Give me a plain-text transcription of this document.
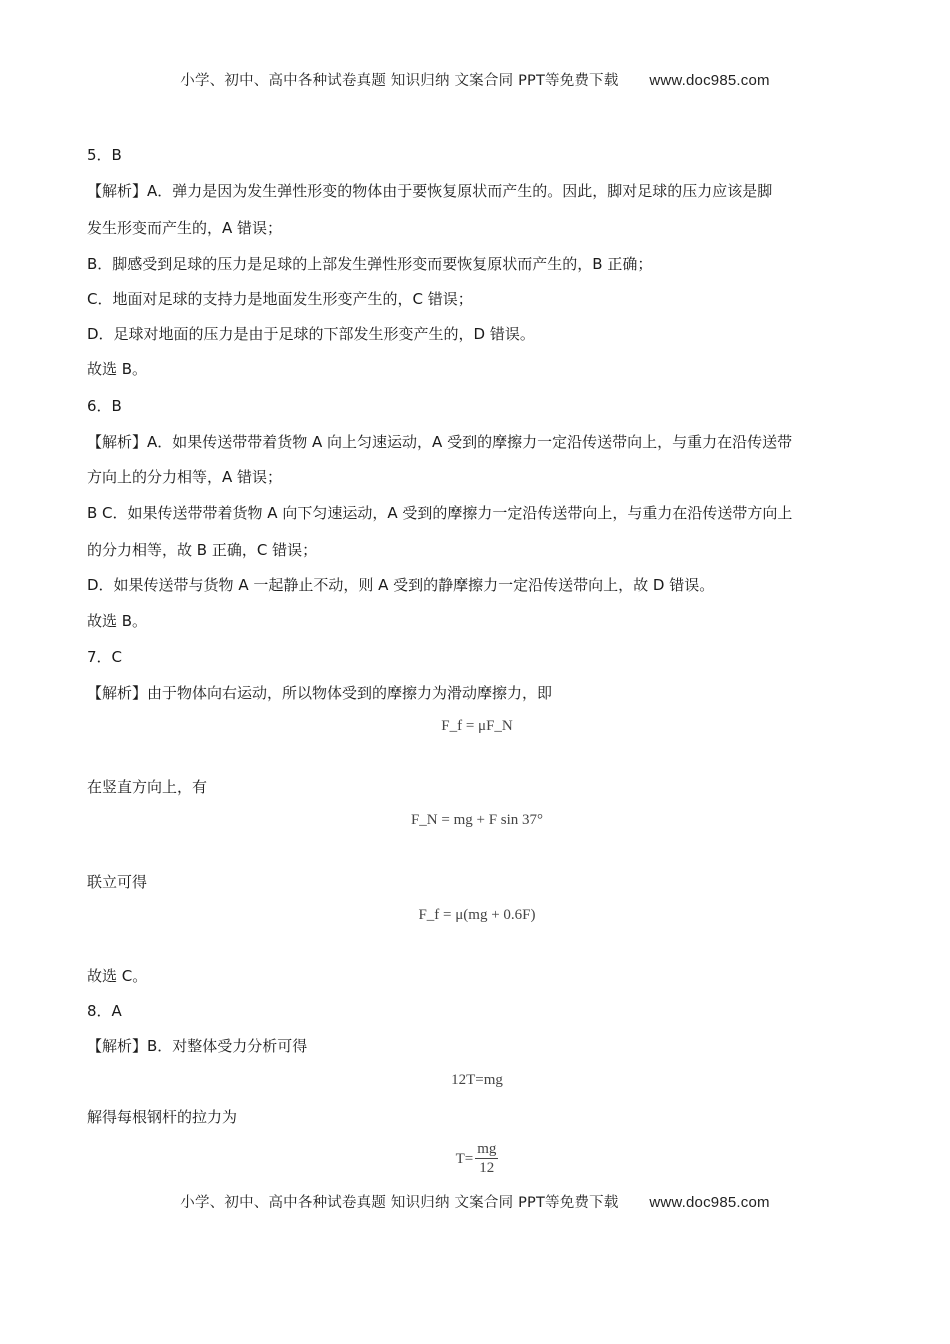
小学、初中、高中各种试卷真题 知识归纳 文案合同 PPT等免费下载 www.doc985.com
5．B
【解析】A．弹力是因为发生弹性形变的物体由于要恢复原状而产生的。因此，脚对足球的压力应该是脚
发生形变而产生的，A 错误；
B．脚感受到足球的压力是足球的上部发生弹性形变而要恢复原状而产生的，B 正确；
C．地面对足球的支持力是地面发生形变产生的，C 错误；
D．足球对地面的压力是由于足球的下部发生形变产生的，D 错误。
故选 B。
6．B
【解析】A．如果传送带带着货物 A 向上匀速运动，A 受到的摩擦力一定沿传送带向上，与重力在沿传送带
方向上的分力相等，A 错误；
B C．如果传送带带着货物 A 向下匀速运动，A 受到的摩擦力一定沿传送带向上，与重力在沿传送带方向上
的分力相等，故 B 正确，C 错误；
D．如果传送带与货物 A 一起静止不动，则 A 受到的静摩擦力一定沿传送带向上，故 D 错误。
故选 B。
7．C
【解析】由于物体向右运动，所以物体受到的摩擦力为滑动摩擦力，即
F_f = μF_N
在竖直方向上，有
F_N = mg + F sin 37°
联立可得
F_f = μ(mg + 0.6F)
故选 C。
8．A
【解析】B．对整体受力分析可得
12T=mg
解得每根钢杆的拉力为
$T= \frac{mg}{12}$
小学、初中、高中各种试卷真题 知识归纳 文案合同 PPT等免费下载 www.doc985.com
